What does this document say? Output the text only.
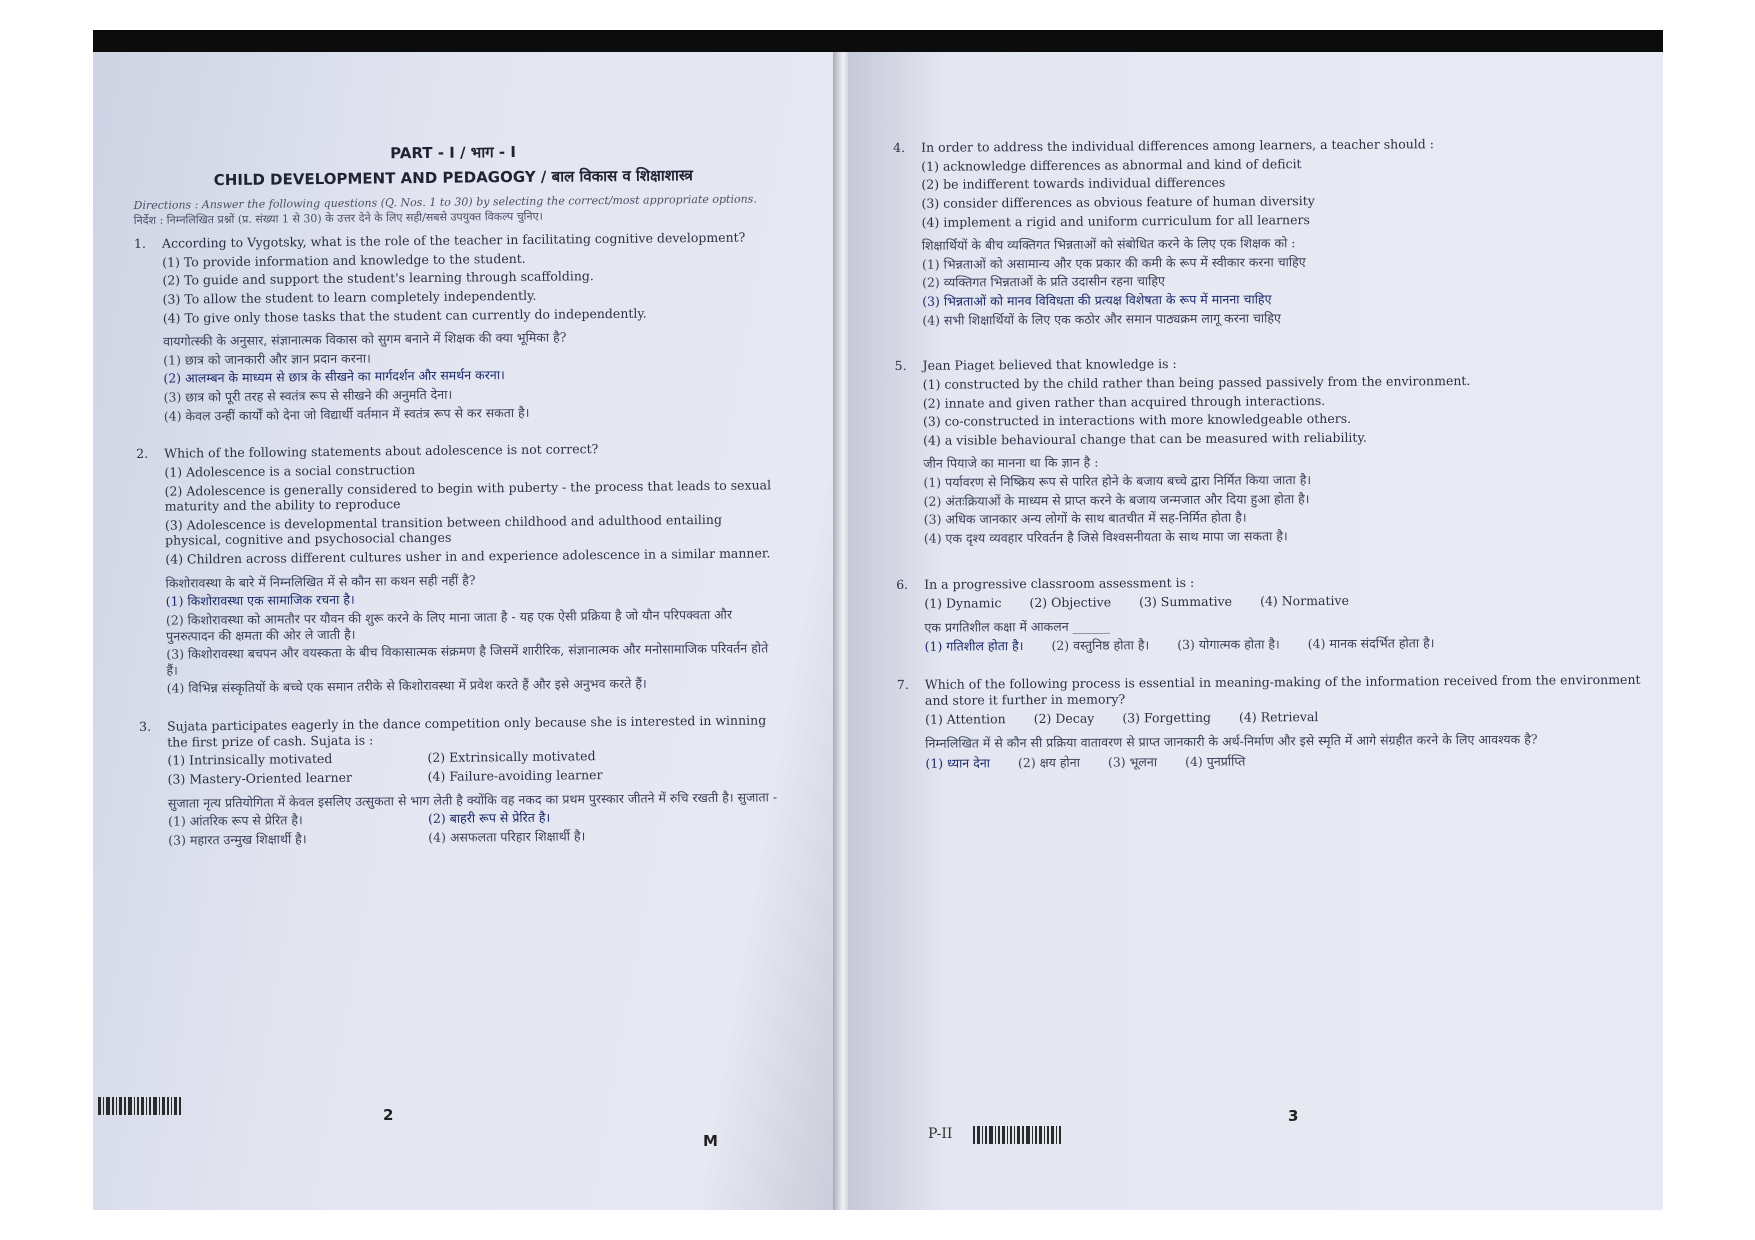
PART - I / भाग - I
CHILD DEVELOPMENT AND PEDAGOGY / बाल विकास व शिक्षाशास्त्र
Directions : Answer the following questions (Q. Nos. 1 to 30) by selecting the correct/most appropriate options.
निर्देश : निम्नलिखित प्रश्नों (प्र. संख्या 1 से 30) के उत्तर देने के लिए सही/सबसे उपयुक्त विकल्प चुनिए।
1.	According to Vygotsky, what is the role of the teacher in facilitating cognitive development?
(1) To provide information and knowledge to the student.
(2) To guide and support the student's learning through scaffolding.
(3) To allow the student to learn completely independently.
(4) To give only those tasks that the student can currently do independently.
वायगोत्स्की के अनुसार, संज्ञानात्मक विकास को सुगम बनाने में शिक्षक की क्या भूमिका है?
(1) छात्र को जानकारी और ज्ञान प्रदान करना।
(2) आलम्बन के माध्यम से छात्र के सीखने का मार्गदर्शन और समर्थन करना।
(3) छात्र को पूरी तरह से स्वतंत्र रूप से सीखने की अनुमति देना।
(4) केवल उन्हीं कार्यों को देना जो विद्यार्थी वर्तमान में स्वतंत्र रूप से कर सकता है।
2.	Which of the following statements about adolescence is not correct?
(1) Adolescence is a social construction
(2) Adolescence is generally considered to begin with puberty - the process that leads to sexual maturity and the ability to reproduce
(3) Adolescence is developmental transition between childhood and adulthood entailing physical, cognitive and psychosocial changes
(4) Children across different cultures usher in and experience adolescence in a similar manner.
किशोरावस्था के बारे में निम्नलिखित में से कौन सा कथन सही नहीं है?
(1) किशोरावस्था एक सामाजिक रचना है।
(2) किशोरावस्था को आमतौर पर यौवन की शुरू करने के लिए माना जाता है - यह एक ऐसी प्रक्रिया है जो यौन परिपक्वता और पुनरुत्पादन की क्षमता की ओर ले जाती है।
(3) किशोरावस्था बचपन और वयस्कता के बीच विकासात्मक संक्रमण है जिसमें शारीरिक, संज्ञानात्मक और मनोसामाजिक परिवर्तन होते हैं।
(4) विभिन्न संस्कृतियों के बच्चे एक समान तरीके से किशोरावस्था में प्रवेश करते हैं और इसे अनुभव करते हैं।
3.	Sujata participates eagerly in the dance competition only because she is interested in winning the first prize of cash. Sujata is :
(1) Intrinsically motivated	(2) Extrinsically motivated
(3) Mastery-Oriented learner	(4) Failure-avoiding learner
सुजाता नृत्य प्रतियोगिता में केवल इसलिए उत्सुकता से भाग लेती है क्योंकि वह नकद का प्रथम पुरस्कार जीतने में रुचि रखती है। सुजाता -
(1) आंतरिक रूप से प्रेरित है।	(2) बाहरी रूप से प्रेरित है।
(3) महारत उन्मुख शिक्षार्थी है।	(4) असफलता परिहार शिक्षार्थी है।
2
M
4.	In order to address the individual differences among learners, a teacher should :
(1) acknowledge differences as abnormal and kind of deficit
(2) be indifferent towards individual differences
(3) consider differences as obvious feature of human diversity
(4) implement a rigid and uniform curriculum for all learners
शिक्षार्थियों के बीच व्यक्तिगत भिन्नताओं को संबोधित करने के लिए एक शिक्षक को :
(1) भिन्नताओं को असामान्य और एक प्रकार की कमी के रूप में स्वीकार करना चाहिए
(2) व्यक्तिगत भिन्नताओं के प्रति उदासीन रहना चाहिए
(3) भिन्नताओं को मानव विविधता की प्रत्यक्ष विशेषता के रूप में मानना चाहिए
(4) सभी शिक्षार्थियों के लिए एक कठोर और समान पाठ्यक्रम लागू करना चाहिए
5.	Jean Piaget believed that knowledge is :
(1) constructed by the child rather than being passed passively from the environment.
(2) innate and given rather than acquired through interactions.
(3) co-constructed in interactions with more knowledgeable others.
(4) a visible behavioural change that can be measured with reliability.
जीन पियाजे का मानना था कि ज्ञान है :
(1) पर्यावरण से निष्क्रिय रूप से पारित होने के बजाय बच्चे द्वारा निर्मित किया जाता है।
(2) अंतःक्रियाओं के माध्यम से प्राप्त करने के बजाय जन्मजात और दिया हुआ होता है।
(3) अधिक जानकार अन्य लोगों के साथ बातचीत में सह-निर्मित होता है।
(4) एक दृश्य व्यवहार परिवर्तन है जिसे विश्वसनीयता के साथ मापा जा सकता है।
6.	In a progressive classroom assessment is :
(1) Dynamic (2) Objective (3) Summative (4) Normative
एक प्रगतिशील कक्षा में आकलन ______
(1) गतिशील होता है। (2) वस्तुनिष्ठ होता है। (3) योगात्मक होता है। (4) मानक संदर्भित होता है।
7.	Which of the following process is essential in meaning-making of the information received from the environment and store it further in memory?
(1) Attention (2) Decay (3) Forgetting (4) Retrieval
निम्नलिखित में से कौन सी प्रक्रिया वातावरण से प्राप्त जानकारी के अर्थ-निर्माण और इसे स्मृति में आगे संग्रहीत करने के लिए आवश्यक है?
(1) ध्यान देना (2) क्षय होना (3) भूलना (4) पुनर्प्राप्ति
P-II
3
